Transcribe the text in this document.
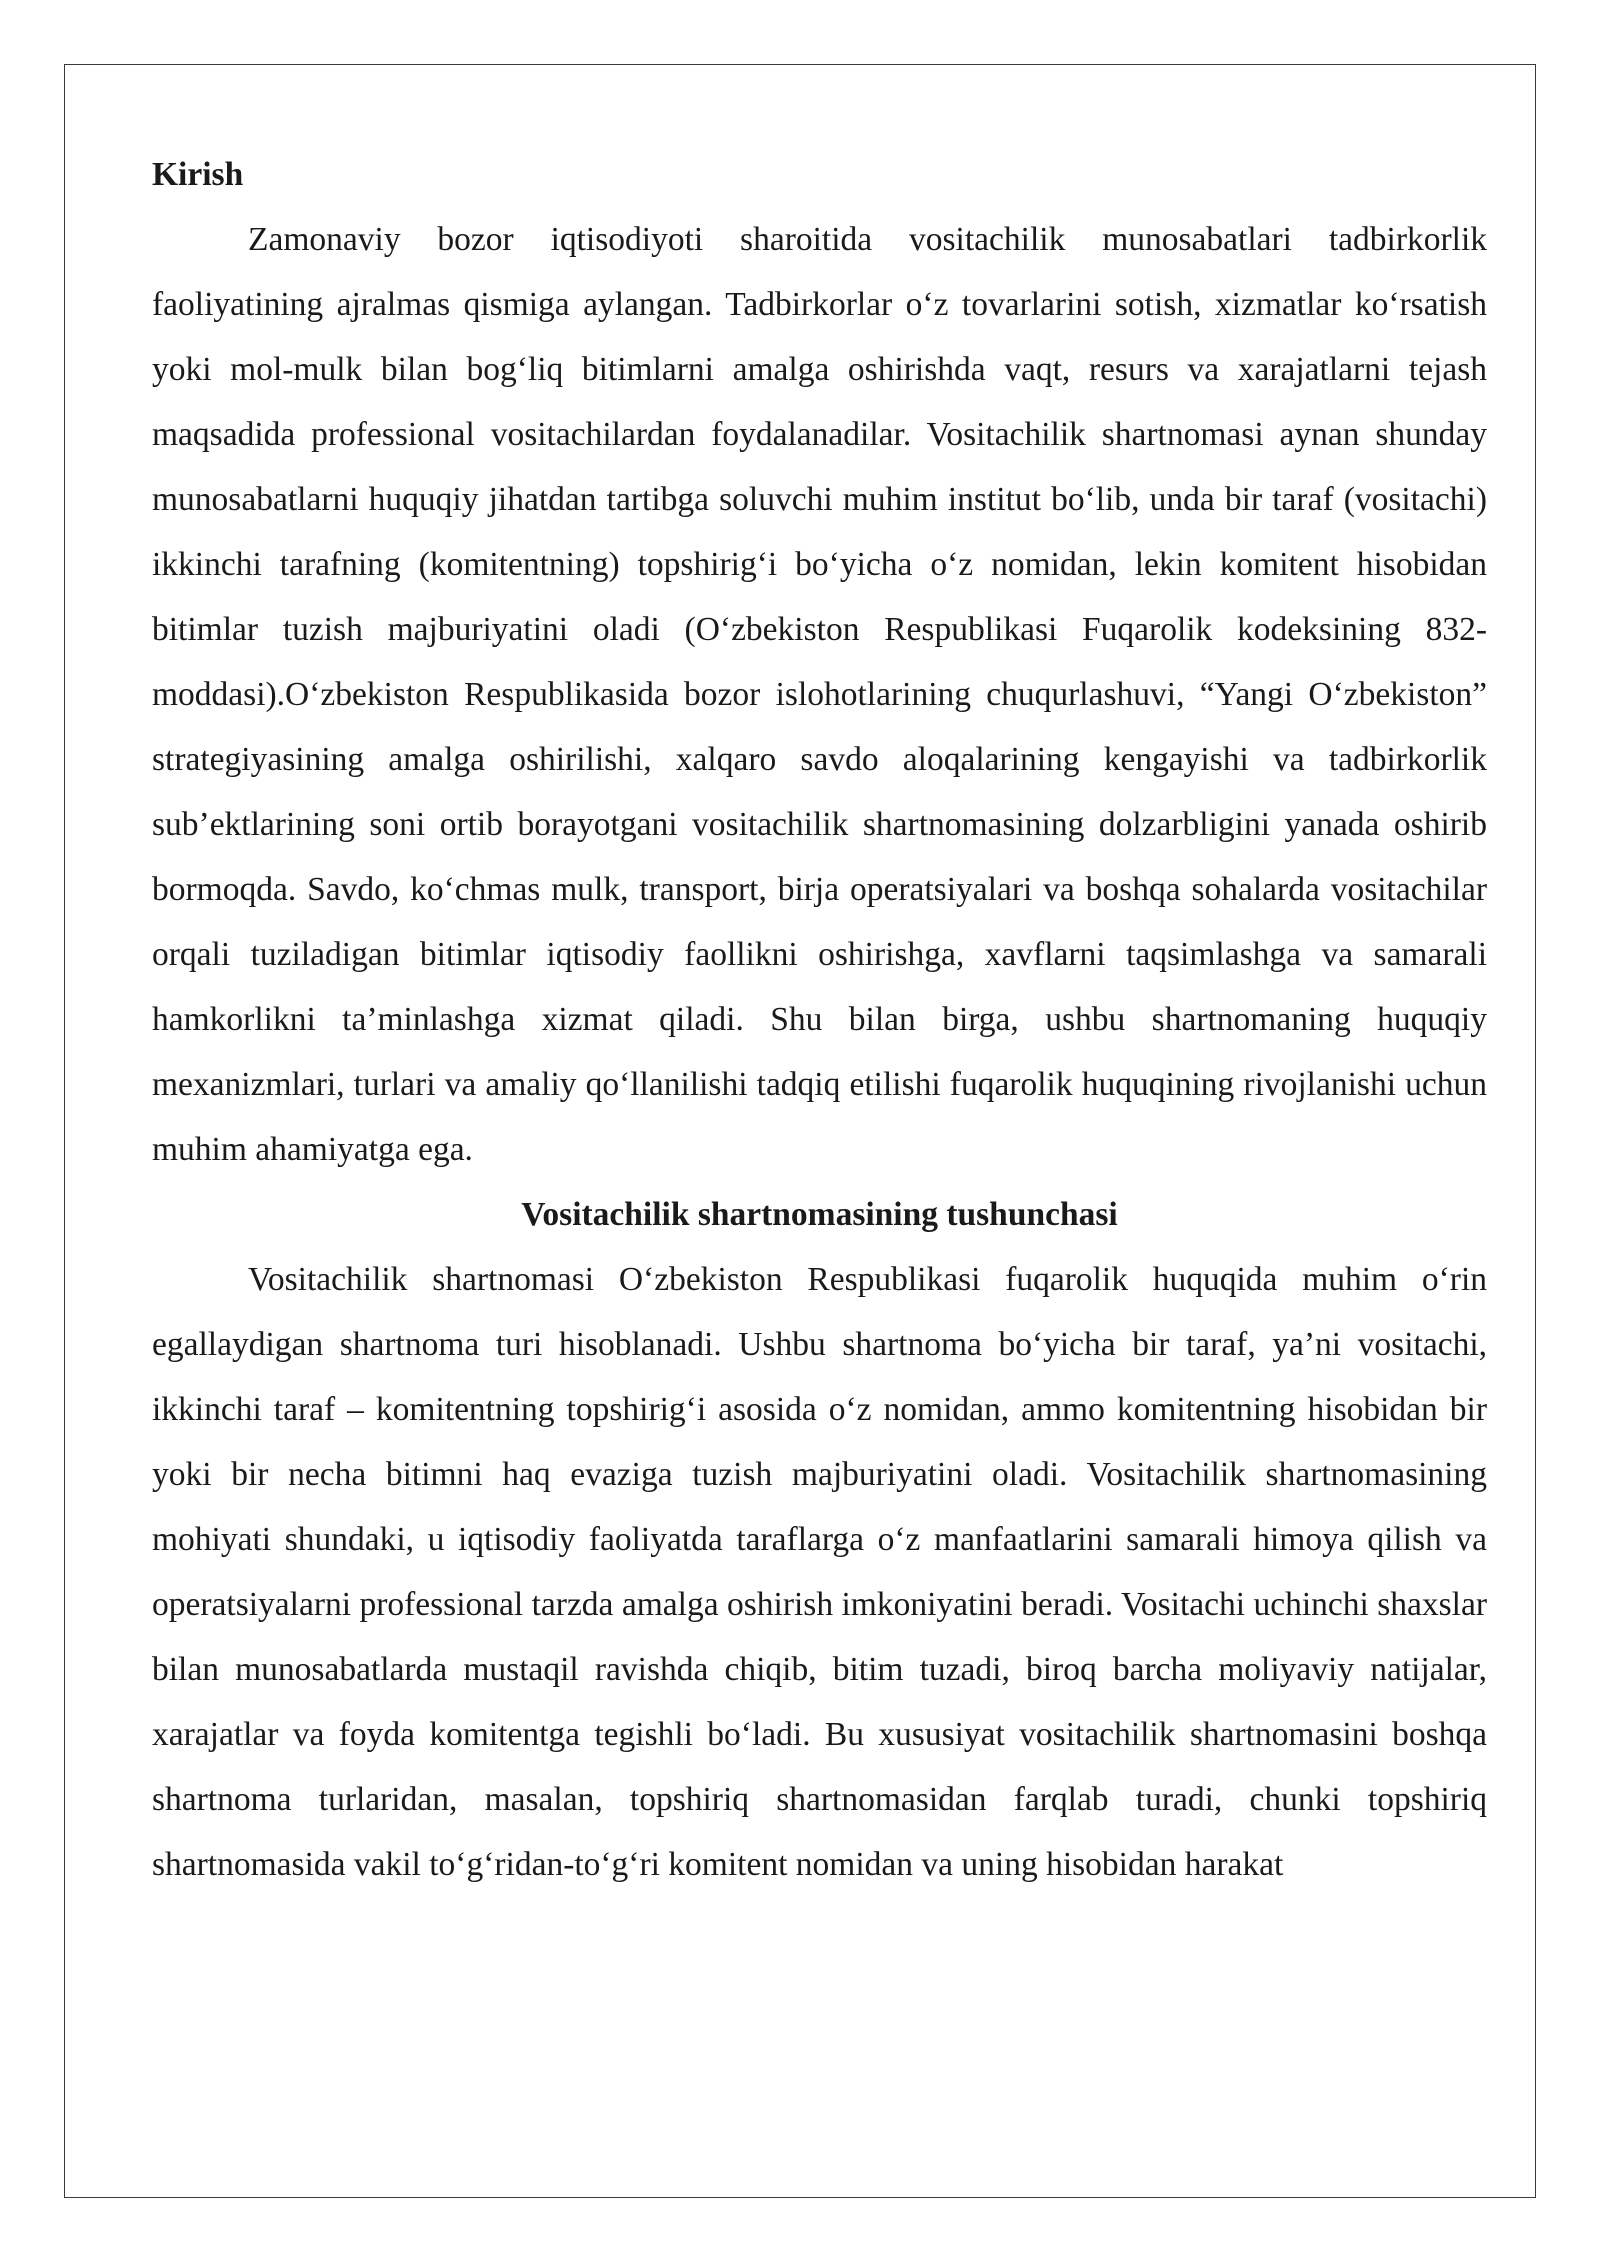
Kirish

Zamonaviy bozor iqtisodiyoti sharoitida vositachilik munosabatlari tadbirkorlik faoliyatining ajralmas qismiga aylangan. Tadbirkorlar o‘z tovarlarini sotish, xizmatlar ko‘rsatish yoki mol-mulk bilan bog‘liq bitimlarni amalga oshirishda vaqt, resurs va xarajatlarni tejash maqsadida professional vositachilardan foydalanadilar. Vositachilik shartnomasi aynan shunday munosabatlarni huquqiy jihatdan tartibga soluvchi muhim institut bo‘lib, unda bir taraf (vositachi) ikkinchi tarafning (komitentning) topshirig‘i bo‘yicha o‘z nomidan, lekin komitent hisobidan bitimlar tuzish majburiyatini oladi (O‘zbekiston Respublikasi Fuqarolik kodeksining 832-moddasi).O‘zbekiston Respublikasida bozor islohotlarining chuqurlashuvi, “Yangi O‘zbekiston” strategiyasining amalga oshirilishi, xalqaro savdo aloqalarining kengayishi va tadbirkorlik sub’ektlarining soni ortib borayotgani vositachilik shartnomasining dolzarbligini yanada oshirib bormoqda. Savdo, ko‘chmas mulk, transport, birja operatsiyalari va boshqa sohalarda vositachilar orqali tuziladigan bitimlar iqtisodiy faollikni oshirishga, xavflarni taqsimlashga va samarali hamkorlikni ta’minlashga xizmat qiladi. Shu bilan birga, ushbu shartnomaning huquqiy mexanizmlari, turlari va amaliy qo‘llanilishi tadqiq etilishi fuqarolik huquqining rivojlanishi uchun muhim ahamiyatga ega.

Vositachilik shartnomasining tushunchasi

Vositachilik shartnomasi O‘zbekiston Respublikasi fuqarolik huquqida muhim o‘rin egallaydigan shartnoma turi hisoblanadi. Ushbu shartnoma bo‘yicha bir taraf, ya’ni vositachi, ikkinchi taraf – komitentning topshirig‘i asosida o‘z nomidan, ammo komitentning hisobidan bir yoki bir necha bitimni haq evaziga tuzish majburiyatini oladi. Vositachilik shartnomasining mohiyati shundaki, u iqtisodiy faoliyatda taraflarga o‘z manfaatlarini samarali himoya qilish va operatsiyalarni professional tarzda amalga oshirish imkoniyatini beradi. Vositachi uchinchi shaxslar bilan munosabatlarda mustaqil ravishda chiqib, bitim tuzadi, biroq barcha moliyaviy natijalar, xarajatlar va foyda komitentga tegishli bo‘ladi. Bu xususiyat vositachilik shartnomasini boshqa shartnoma turlaridan, masalan, topshiriq shartnomasidan farqlab turadi, chunki topshiriq shartnomasida vakil to‘g‘ridan-to‘g‘ri komitent nomidan va uning hisobidan harakat
